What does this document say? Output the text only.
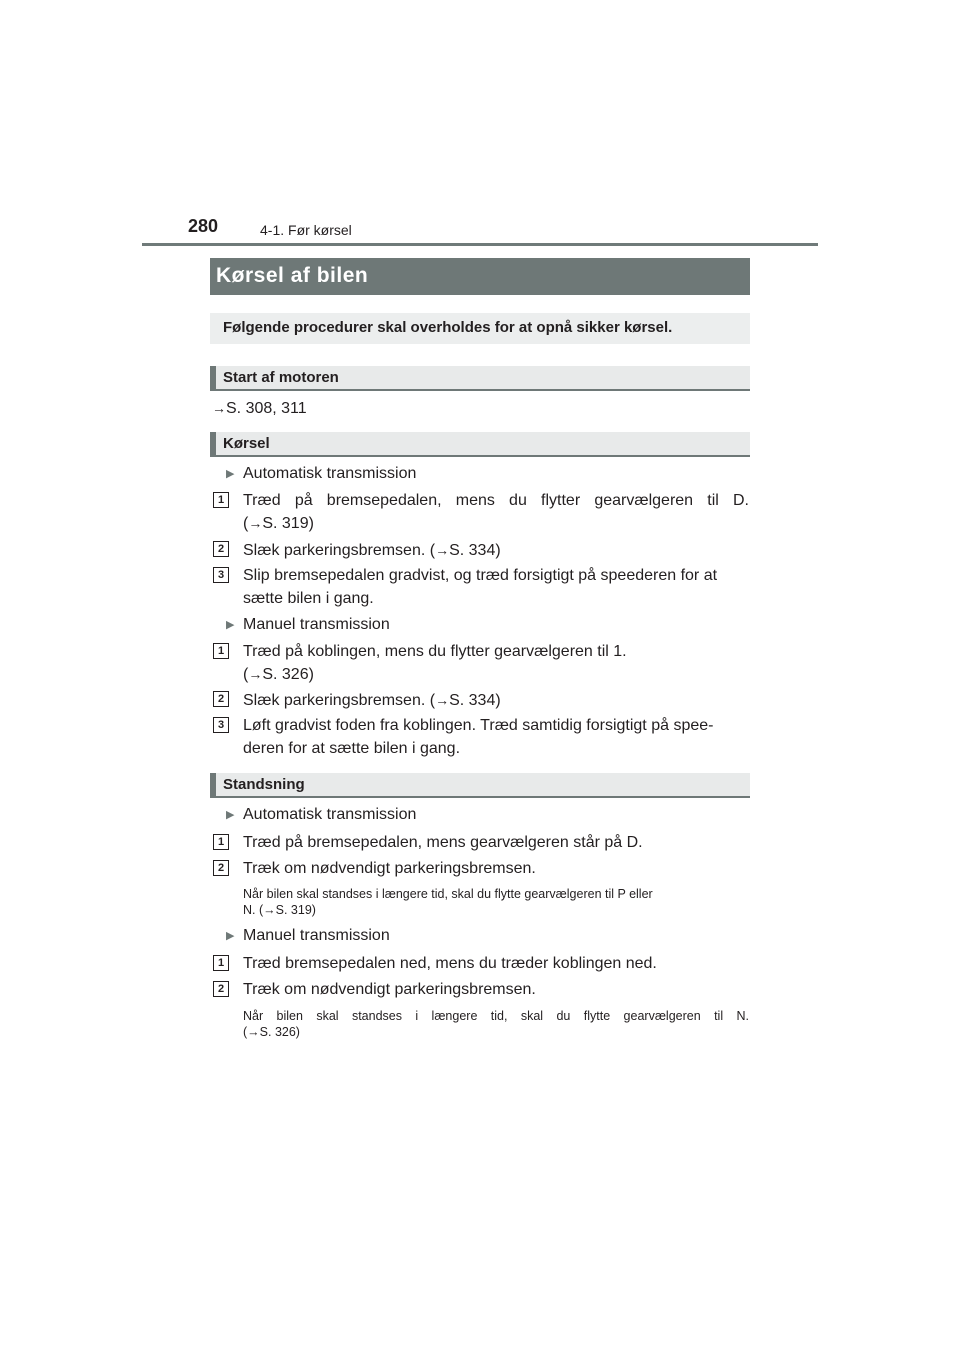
280	4-1. Før kørsel
Kørsel af bilen
Følgende procedurer skal overholdes for at opnå sikker kørsel.
Start af motoren
→S. 308, 311
Kørsel
▶ Automatisk transmission
1	Træd på bremsepedalen, mens du flytter gearvælgeren til D.
(→S. 319)
2	Slæk parkeringsbremsen. (→S. 334)
3	Slip bremsepedalen gradvist, og træd forsigtigt på speederen for at
sætte bilen i gang.
▶ Manuel transmission
1	Træd på koblingen, mens du flytter gearvælgeren til 1.
(→S. 326)
2	Slæk parkeringsbremsen. (→S. 334)
3	Løft gradvist foden fra koblingen. Træd samtidig forsigtigt på spee-
deren for at sætte bilen i gang.
Standsning
▶ Automatisk transmission
1	Træd på bremsepedalen, mens gearvælgeren står på D.
2	Træk om nødvendigt parkeringsbremsen.
Når bilen skal standses i længere tid, skal du flytte gearvælgeren til P eller
N. (→S. 319)
▶ Manuel transmission
1	Træd bremsepedalen ned, mens du træder koblingen ned.
2	Træk om nødvendigt parkeringsbremsen.
Når bilen skal standses i længere tid, skal du flytte gearvælgeren til N.
(→S. 326)
